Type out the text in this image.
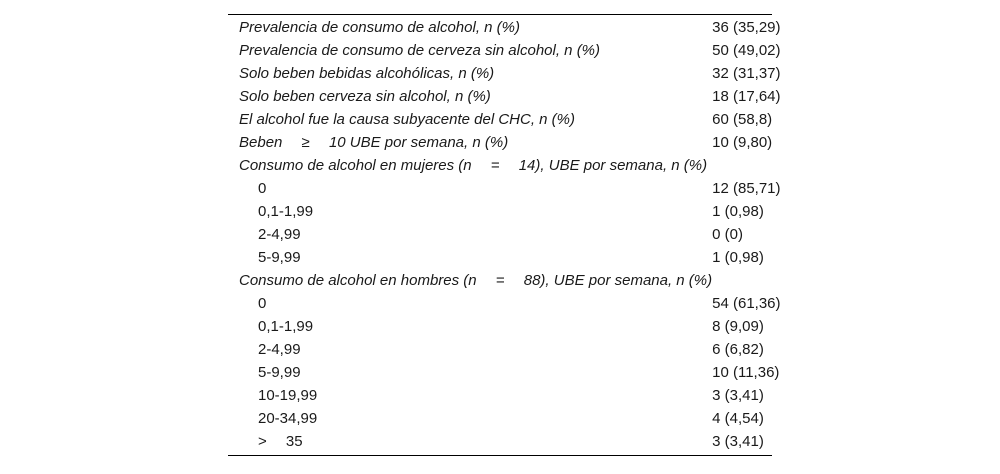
Prevalencia de consumo de alcohol, n (%)	36 (35,29)
Prevalencia de consumo de cerveza sin alcohol, n (%)	50 (49,02)
Solo beben bebidas alcohólicas, n (%)	32 (31,37)
Solo beben cerveza sin alcohol, n (%)	18 (17,64)
El alcohol fue la causa subyacente del CHC, n (%)	60 (58,8)
Beben  ≥  10 UBE por semana, n (%)	10 (9,80)
Consumo de alcohol en mujeres (n  =  14), UBE por semana, n (%)	
0	12 (85,71)
0,1-1,99	1 (0,98)
2-4,99	0 (0)
5-9,99	1 (0,98)
Consumo de alcohol en hombres (n  =  88), UBE por semana, n (%)	
0	54 (61,36)
0,1-1,99	8 (9,09)
2-4,99	6 (6,82)
5-9,99	10 (11,36)
10-19,99	3 (3,41)
20-34,99	4 (4,54)
>  35	3 (3,41)
